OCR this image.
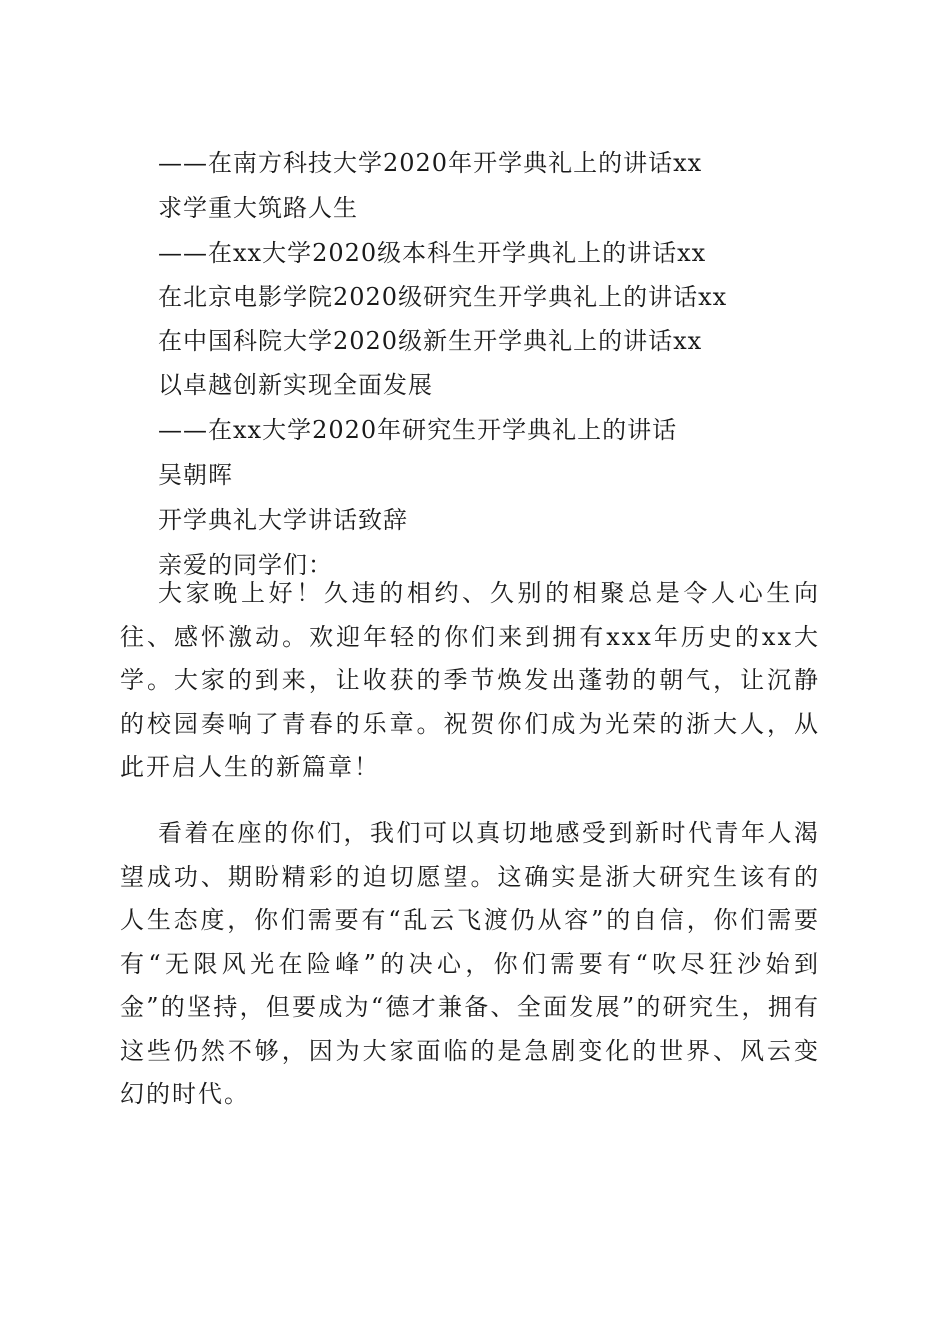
——在南方科技大学2020年开学典礼上的讲话xx
求学重大筑路人生
——在xx大学2020级本科生开学典礼上的讲话xx
在北京电影学院2020级研究生开学典礼上的讲话xx
在中国科院大学2020级新生开学典礼上的讲话xx
以卓越创新实现全面发展
——在xx大学2020年研究生开学典礼上的讲话
吴朝晖
开学典礼大学讲话致辞
亲爱的同学们：

大家晚上好！久违的相约、久别的相聚总是令人心生向往、感怀激动。欢迎年轻的你们来到拥有xxx年历史的xx大学。大家的到来，让收获的季节焕发出蓬勃的朝气，让沉静的校园奏响了青春的乐章。祝贺你们成为光荣的浙大人，从此开启人生的新篇章！

看着在座的你们，我们可以真切地感受到新时代青年人渴望成功、期盼精彩的迫切愿望。这确实是浙大研究生该有的人生态度，你们需要有“乱云飞渡仍从容”的自信，你们需要有“无限风光在险峰”的决心，你们需要有“吹尽狂沙始到金”的坚持，但要成为“德才兼备、全面发展”的研究生，拥有这些仍然不够，因为大家面临的是急剧变化的世界、风云变幻的时代。
